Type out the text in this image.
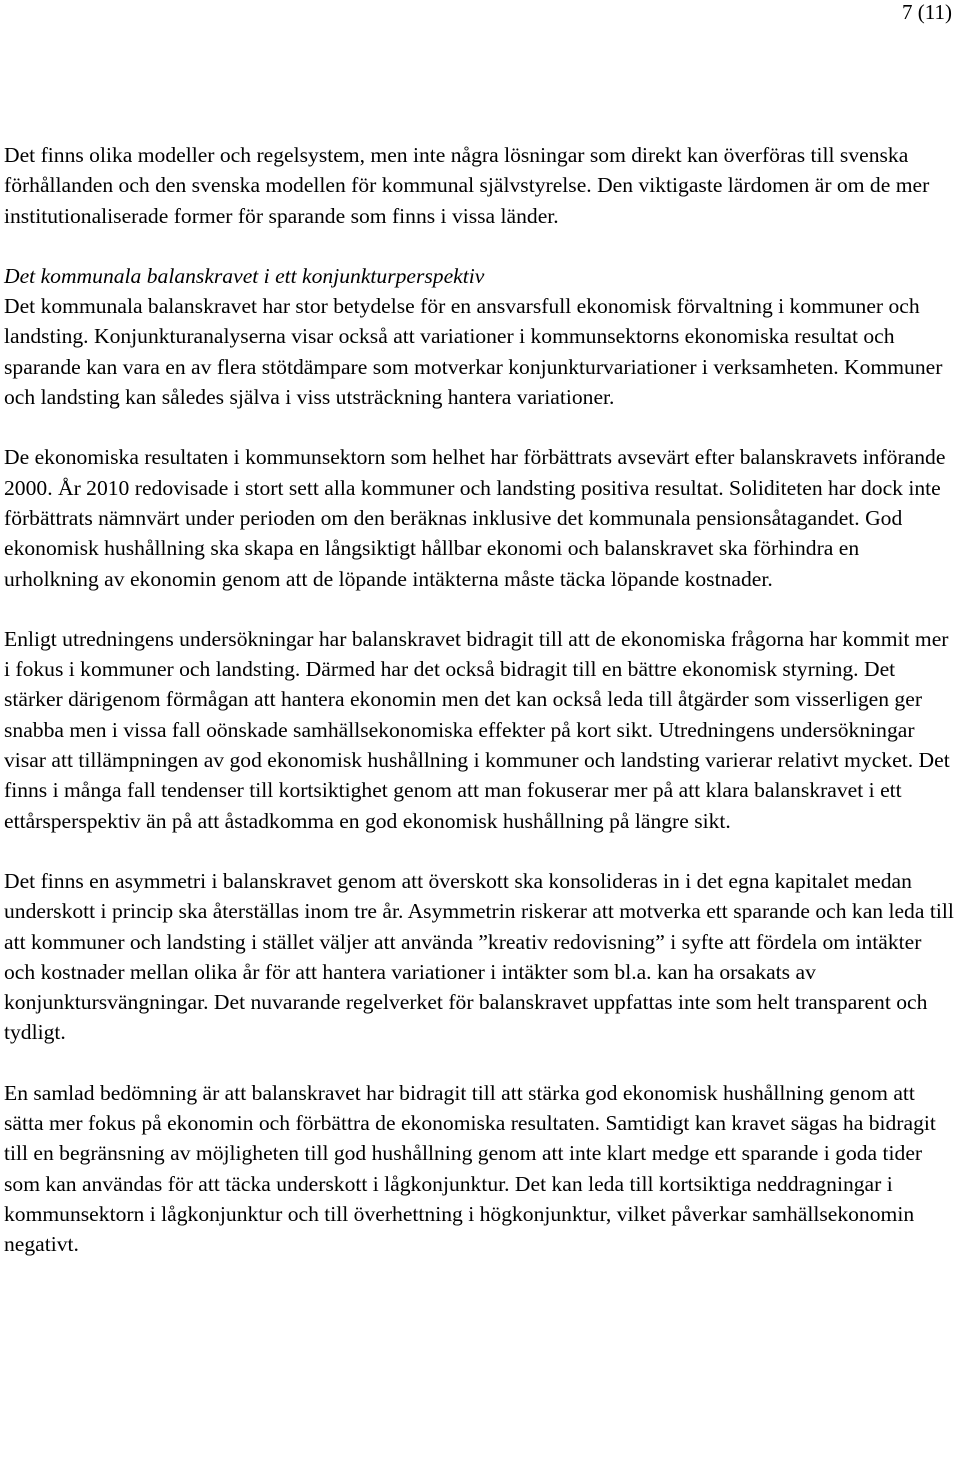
7 (11)

Det finns olika modeller och regelsystem, men inte några lösningar som direkt kan överföras till svenska förhållanden och den svenska modellen för kommunal självstyrelse. Den viktigaste lärdomen är om de mer institutionaliserade former för sparande som finns i vissa länder.

Det kommunala balanskravet i ett konjunkturperspektiv

Det kommunala balanskravet har stor betydelse för en ansvarsfull ekonomisk förvaltning i kommuner och landsting. Konjunkturanalyserna visar också att variationer i kommunsektorns ekonomiska resultat och sparande kan vara en av flera stötdämpare som motverkar konjunkturvariationer i verksamheten. Kommuner och landsting kan således själva i viss utsträckning hantera variationer.

De ekonomiska resultaten i kommunsektorn som helhet har förbättrats avsevärt efter balanskravets införande 2000. År 2010 redovisade i stort sett alla kommuner och landsting positiva resultat. Soliditeten har dock inte förbättrats nämnvärt under perioden om den beräknas inklusive det kommunala pensionsåtagandet. God ekonomisk hushållning ska skapa en långsiktigt hållbar ekonomi och balanskravet ska förhindra en urholkning av ekonomin genom att de löpande intäkterna måste täcka löpande kostnader.

Enligt utredningens undersökningar har balanskravet bidragit till att de ekonomiska frågorna har kommit mer i fokus i kommuner och landsting. Därmed har det också bidragit till en bättre ekonomisk styrning. Det stärker därigenom förmågan att hantera ekonomin men det kan också leda till åtgärder som visserligen ger snabba men i vissa fall oönskade samhällsekonomiska effekter på kort sikt. Utredningens undersökningar visar att tillämpningen av god ekonomisk hushållning i kommuner och landsting varierar relativt mycket. Det finns i många fall tendenser till kortsiktighet genom att man fokuserar mer på att klara balanskravet i ett ettårsperspektiv än på att åstadkomma en god ekonomisk hushållning på längre sikt.

Det finns en asymmetri i balanskravet genom att överskott ska konsolideras in i det egna kapitalet medan underskott i princip ska återställas inom tre år. Asymmetrin riskerar att motverka ett sparande och kan leda till att kommuner och landsting i stället väljer att använda ”kreativ redovisning” i syfte att fördela om intäkter och kostnader mellan olika år för att hantera variationer i intäkter som bl.a. kan ha orsakats av konjunktursvängningar. Det nuvarande regelverket för balanskravet uppfattas inte som helt transparent och tydligt.

En samlad bedömning är att balanskravet har bidragit till att stärka god ekonomisk hushållning genom att sätta mer fokus på ekonomin och förbättra de ekonomiska resultaten. Samtidigt kan kravet sägas ha bidragit till en begränsning av möjligheten till god hushållning genom att inte klart medge ett sparande i goda tider som kan användas för att täcka underskott i lågkonjunktur. Det kan leda till kortsiktiga neddragningar i kommunsektorn i lågkonjunktur och till överhettning i högkonjunktur, vilket påverkar samhällsekonomin negativt.
